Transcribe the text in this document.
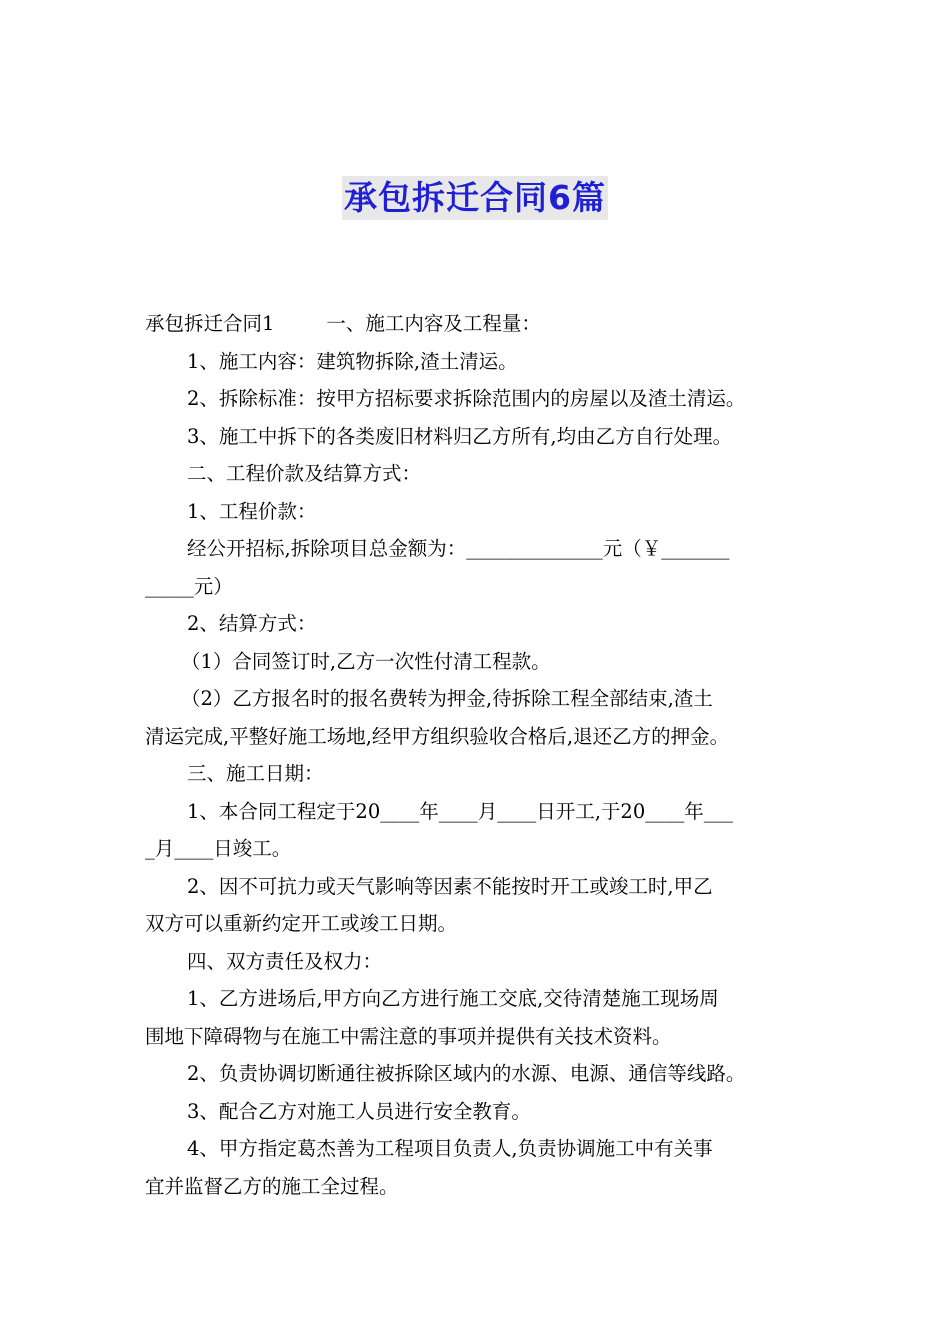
承包拆迁合同6篇
承包拆迁合同1	一、施工内容及工程量：
1、施工内容：建筑物拆除,渣土清运。
2、拆除标准：按甲方招标要求拆除范围内的房屋以及渣土清运。
3、施工中拆下的各类废旧材料归乙方所有,均由乙方自行处理。
二、工程价款及结算方式：
1、工程价款：
经公开招标,拆除项目总金额为：______________元（￥_______
_____元）
2、结算方式：
（1）合同签订时,乙方一次性付清工程款。
（2）乙方报名时的报名费转为押金,待拆除工程全部结束,渣土
清运完成,平整好施工场地,经甲方组织验收合格后,退还乙方的押金。
三、施工日期：
1、本合同工程定于20____年____月____日开工,于20____年___
_月____日竣工。
2、因不可抗力或天气影响等因素不能按时开工或竣工时,甲乙
双方可以重新约定开工或竣工日期。
四、双方责任及权力：
1、乙方进场后,甲方向乙方进行施工交底,交待清楚施工现场周
围地下障碍物与在施工中需注意的事项并提供有关技术资料。
2、负责协调切断通往被拆除区域内的水源、电源、通信等线路。
3、配合乙方对施工人员进行安全教育。
4、甲方指定葛杰善为工程项目负责人,负责协调施工中有关事
宜并监督乙方的施工全过程。
